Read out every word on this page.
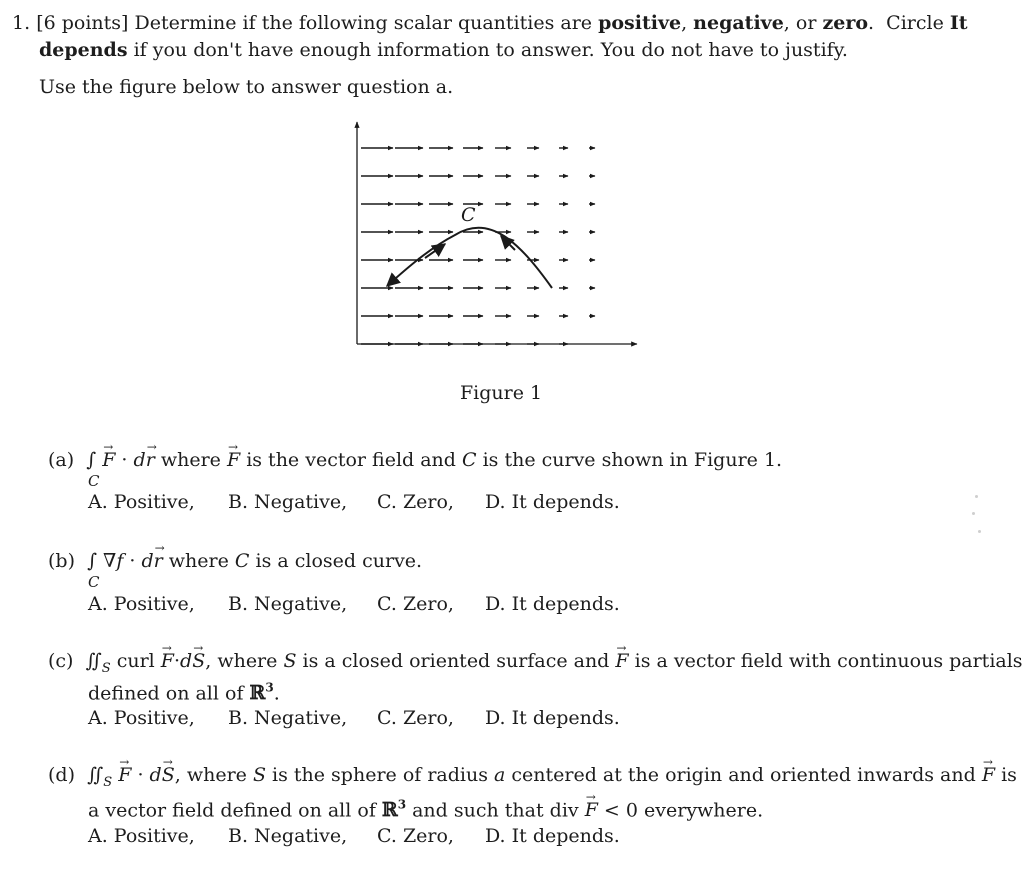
1. [6 points] Determine if the following scalar quantities are positive, negative, or zero. Circle It
depends if you don't have enough information to answer. You do not have to justify.
Use the figure below to answer question a.
C
Figure 1
(a) ∫ → F · d→ r where → F is the vector field and C is the curve shown in Figure 1.
C
A. Positive,	B. Negative,	C. Zero,	D. It depends.
(b) ∫ ∇f · d→ r where C is a closed curve.
C
A. Positive,	B. Negative,	C. Zero,	D. It depends.
(c) $∬_S$ curl → F·d→ S, where S is a closed oriented surface and → F is a vector field with continuous partials
defined on all of ℝ$^3$.
A. Positive,	B. Negative,	C. Zero,	D. It depends.
(d) $∬_S \to F \cdot d\to S$, where S is the sphere of radius a centered at the origin and oriented inwards and → F is
a vector field defined on all of ℝ$^3$ and such that div → F < 0 everywhere.
A. Positive,	B. Negative,	C. Zero,	D. It depends.
